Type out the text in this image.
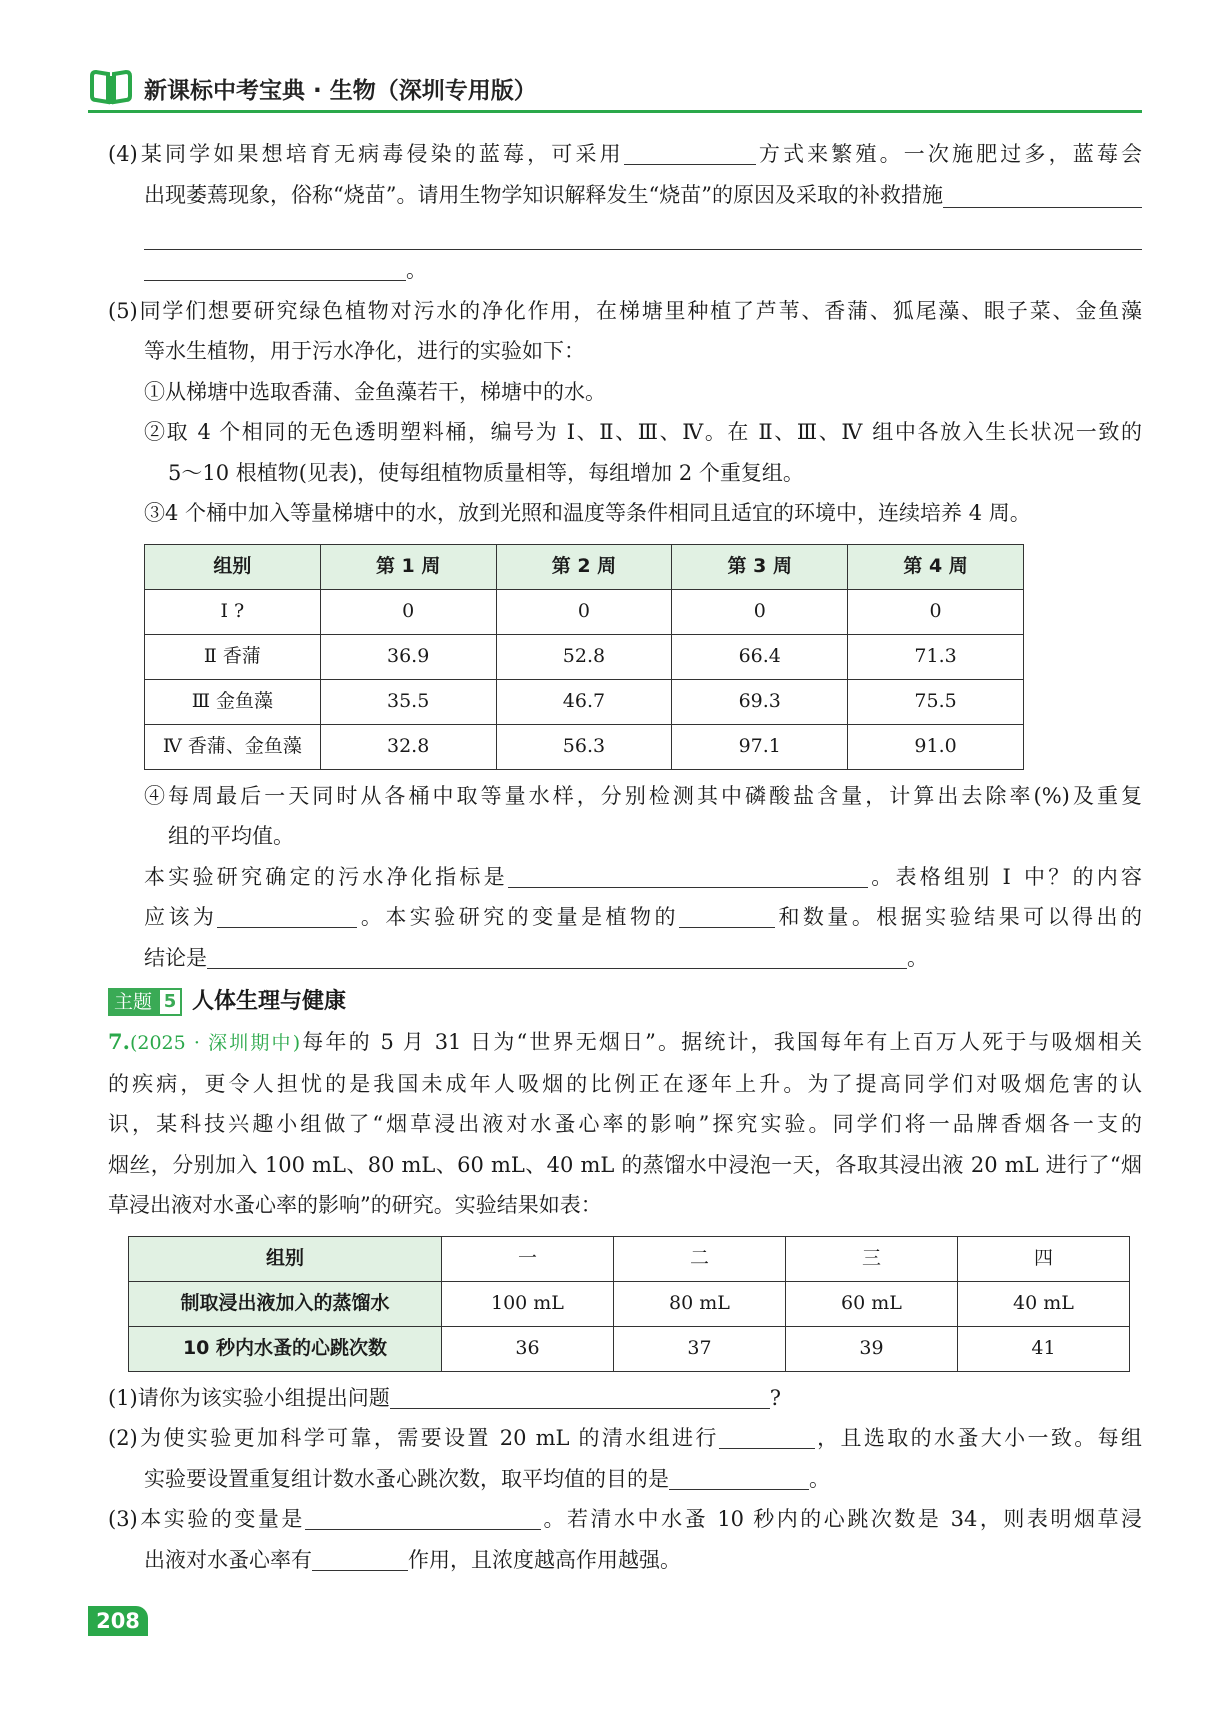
新课标中考宝典 · 生物（深圳专用版）

(4)某同学如果想培育无病毒侵染的蓝莓，可采用	方式来繁殖。一次施肥过多，蓝莓会

出现萎蔫现象，俗称“烧苗”。请用生物学知识解释发生“烧苗”的原因及采取的补救措施

。

(5)同学们想要研究绿色植物对污水的净化作用，在梯塘里种植了芦苇、香蒲、狐尾藻、眼子菜、金鱼藻

等水生植物，用于污水净化，进行的实验如下：

①从梯塘中选取香蒲、金鱼藻若干，梯塘中的水。

②取 4 个相同的无色透明塑料桶，编号为 Ⅰ、Ⅱ、Ⅲ、Ⅳ。在 Ⅱ、Ⅲ、Ⅳ 组中各放入生长状况一致的

5～10 根植物(见表)，使每组植物质量相等，每组增加 2 个重复组。

③4 个桶中加入等量梯塘中的水，放到光照和温度等条件相同且适宜的环境中，连续培养 4 周。

组别	第 1 周	第 2 周	第 3 周	第 4 周
Ⅰ ?	0	0	0	0
Ⅱ 香蒲	36.9	52.8	66.4	71.3
Ⅲ 金鱼藻	35.5	46.7	69.3	75.5
Ⅳ 香蒲、金鱼藻	32.8	56.3	97.1	91.0

④每周最后一天同时从各桶中取等量水样，分别检测其中磷酸盐含量，计算出去除率(%)及重复

组的平均值。

本实验研究确定的污水净化指标是	。表格组别 Ⅰ 中？的内容

应该为	。本实验研究的变量是植物的	和数量。根据实验结果可以得出的

结论是	。

主题 5 人体生理与健康

7.(2025 · 深圳期中)每年的 5 月 31 日为“世界无烟日”。据统计，我国每年有上百万人死于与吸烟相关

的疾病，更令人担忧的是我国未成年人吸烟的比例正在逐年上升。为了提高同学们对吸烟危害的认

识，某科技兴趣小组做了“烟草浸出液对水蚤心率的影响”探究实验。同学们将一品牌香烟各一支的

烟丝，分别加入 100 mL、80 mL、60 mL、40 mL 的蒸馏水中浸泡一天，各取其浸出液 20 mL 进行了“烟

草浸出液对水蚤心率的影响”的研究。实验结果如表：

组别	一	二	三	四
制取浸出液加入的蒸馏水	100 mL	80 mL	60 mL	40 mL
10 秒内水蚤的心跳次数	36	37	39	41

(1)请你为该实验小组提出问题	?

(2)为使实验更加科学可靠，需要设置 20 mL 的清水组进行	，且选取的水蚤大小一致。每组

实验要设置重复组计数水蚤心跳次数，取平均值的目的是	。

(3)本实验的变量是	。若清水中水蚤 10 秒内的心跳次数是 34，则表明烟草浸

出液对水蚤心率有	作用，且浓度越高作用越强。

208
